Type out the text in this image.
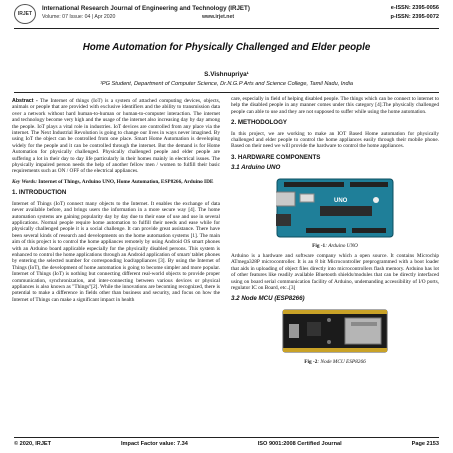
IRJET
International Research Journal of Engineering and Technology (IRJET)
Volume: 07 Issue: 04 | Apr 2020	www.irjet.net
e-ISSN: 2395-0056
p-ISSN: 2395-0072
Home Automation for Physically Challenged and Elder people
S.Vishnupriya¹
¹PG Student, Department of Computer Science, Dr.N.G.P Arts and Science College, Tamil Nadu, India

Abstract - The Internet of things (IoT) is a system of attached computing devices, objects, animals or people that are provided with exclusive identifiers and the ability to transmission data over a network without hard human-to-human or human-to-computer interaction. The internet and technology become very high and the usage of the internet also increasing day by day among the people. IoT plays a vital role in industries. IoT devices are controlled from any place via the internet. The Next Industrial Revolution is going to change our lives in ways never imagined. By using IoT the object can be controlled from one place. Smart Home Automation is developing widely for the people and it can be controlled through the internet. But the demand is for Home Automation for physically challenged. Physically challenged people and elder people are suffering a lot in their day to day life particularly in their homes mainly in electrical issues. The physically impaired person needs the help of another fellow men / women to fulfill their basic requirements such as ON / OFF of the electrical appliances.

Key Words: Internet of Things, Arduino UNO, Home Automation, ESP8266, Arduino IDE

1. INTRODUCTION

Internet of Things (IoT) connect many objects to the Internet. It enables the exchange of data never available before, and brings users the information in a more secure way [4]. The home automation systems are gaining popularity day by day due to their ease of use and use in several applications. Normal people require home automation to fulfill their needs and ease while for physically challenged people it is a social challenge. It can provide great assistance. There have been several kinds of research and developments on the home automation systems [1]. The main aim of this project is to control the home appliances remotely by using Android OS smart phones with an Arduino board applicable especially for the physically disabled persons. This system is enhanced to control the home applications through an Android application of smart/ tablet phones by entering the selected number for corresponding load/appliances [3]. By using the Internet of Things (IoT), the development of home automation is going to become simpler and more popular. Internet of Things (IoT) is nothing but connecting different real-world objects to provide proper communication, synchronization, and inter-connecting between various devices or physical appliances is also known as "Things"[2]. While the innovations are becoming recognized, there is potential to make a difference in fields other than business and security, and focus on how the Internet of Things can make a significant impact in health

care, especially in field of helping disabled people. The things which can be connect to internet to help the disabled people in any manner comes under this category [4].The physically challenged people can able to use and they are not supposed to suffer while using the home automation.

2. METHODOLOGY

In this project, we are working to make an IOT Based Home automation for physically challenged and elder people to control the home appliances easily through their mobile phone. Based on their need we will provide the hardware to control the home appliances.

3. HARDWARE COMPONENTS
3.1 Arduino UNO
UNO
Fig -1: Arduino UNO

Arduino is a hardware and software company which a open source. It contains Microchip ATmega328P microcontroller. It is an 8 bit Microcontroller preprogrammed with a boot loader that aids in uploading of object files directly into microcontrollers flash memory. Arduino has lot of other features like readily available Bluetooth shields/modules that can be directly interfaced using on board serial communication facility of Arduino, undemanding accessibility of I/O ports, regulator IC on Board, etc..[3]

3.2 Node MCU (ESP8266)
Fig -2: Node MCU ESP8266
© 2020, IRJET	Impact Factor value: 7.34	ISO 9001:2008 Certified Journal	Page 2153
